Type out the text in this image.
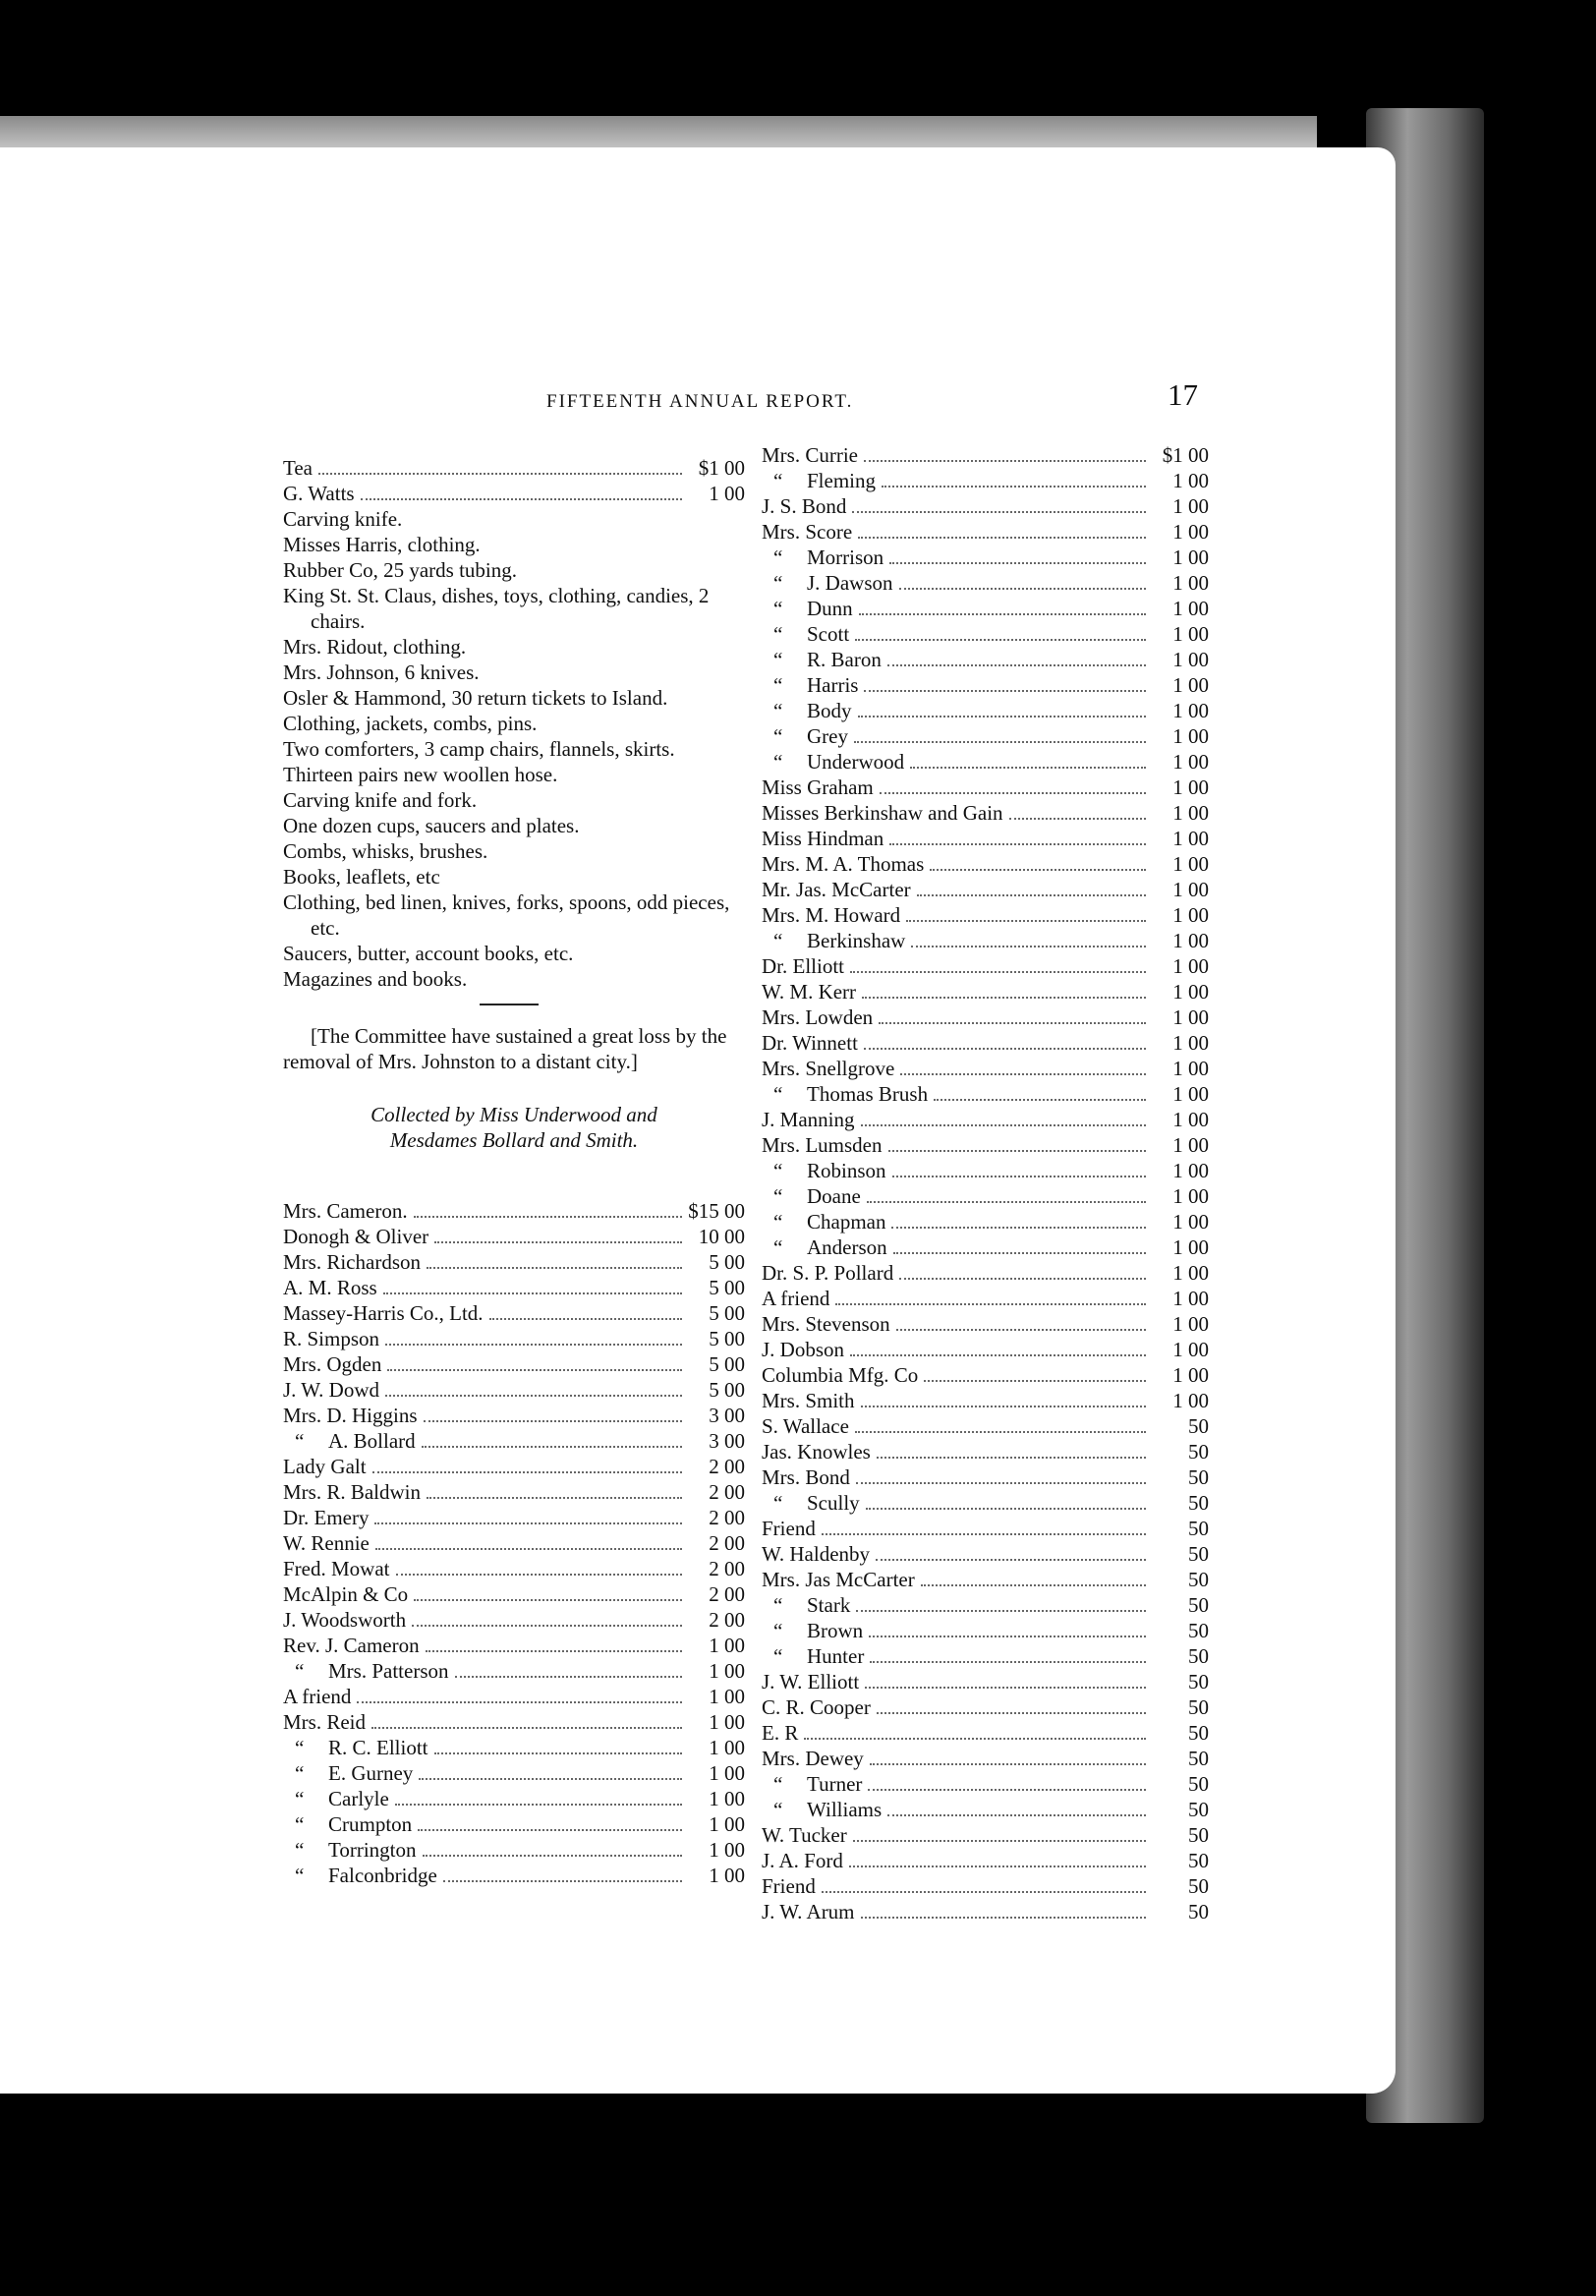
FIFTEENTH ANNUAL REPORT.	17
Tea	$1 00
G. Watts	1 00
Carving knife.
Misses Harris, clothing.
Rubber Co, 25 yards tubing.
King St. St. Claus, dishes, toys, clothing, candies, 2 chairs.
Mrs. Ridout, clothing.
Mrs. Johnson, 6 knives.
Osler & Hammond, 30 return tickets to Island.
Clothing, jackets, combs, pins.
Two comforters, 3 camp chairs, flannels, skirts.
Thirteen pairs new woollen hose.
Carving knife and fork.
One dozen cups, saucers and plates.
Combs, whisks, brushes.
Books, leaflets, etc
Clothing, bed linen, knives, forks, spoons, odd pieces, etc.
Saucers, butter, account books, etc.
Magazines and books.
[The Committee have sustained a great loss by the removal of Mrs. Johnston to a distant city.]
Collected by Miss Underwood and
Mesdames Bollard and Smith.
Mrs. Cameron.	$15 00
Donogh & Oliver	10 00
Mrs. Richardson	5 00
A. M. Ross	5 00
Massey-Harris Co., Ltd.	5 00
R. Simpson	5 00
Mrs. Ogden	5 00
J. W. Dowd	5 00
Mrs. D. Higgins	3 00
“ A. Bollard	3 00
Lady Galt	2 00
Mrs. R. Baldwin	2 00
Dr. Emery	2 00
W. Rennie	2 00
Fred. Mowat	2 00
McAlpin & Co	2 00
J. Woodsworth	2 00
Rev. J. Cameron	1 00
“ Mrs. Patterson	1 00
A friend	1 00
Mrs. Reid	1 00
“ R. C. Elliott	1 00
“ E. Gurney	1 00
“ Carlyle	1 00
“ Crumpton	1 00
“ Torrington	1 00
“ Falconbridge	1 00
Mrs. Currie	$1 00
“ Fleming	1 00
J. S. Bond	1 00
Mrs. Score	1 00
“ Morrison	1 00
“ J. Dawson	1 00
“ Dunn	1 00
“ Scott	1 00
“ R. Baron	1 00
“ Harris	1 00
“ Body	1 00
“ Grey	1 00
“ Underwood	1 00
Miss Graham	1 00
Misses Berkinshaw and Gain	1 00
Miss Hindman	1 00
Mrs. M. A. Thomas	1 00
Mr. Jas. McCarter	1 00
Mrs. M. Howard	1 00
“ Berkinshaw	1 00
Dr. Elliott	1 00
W. M. Kerr	1 00
Mrs. Lowden	1 00
Dr. Winnett	1 00
Mrs. Snellgrove	1 00
“ Thomas Brush	1 00
J. Manning	1 00
Mrs. Lumsden	1 00
“ Robinson	1 00
“ Doane	1 00
“ Chapman	1 00
“ Anderson	1 00
Dr. S. P. Pollard	1 00
A friend	1 00
Mrs. Stevenson	1 00
J. Dobson	1 00
Columbia Mfg. Co	1 00
Mrs. Smith	1 00
S. Wallace	50
Jas. Knowles	50
Mrs. Bond	50
“ Scully	50
Friend	50
W. Haldenby	50
Mrs. Jas McCarter	50
“ Stark	50
“ Brown	50
“ Hunter	50
J. W. Elliott	50
C. R. Cooper	50
E. R	50
Mrs. Dewey	50
“ Turner	50
“ Williams	50
W. Tucker	50
J. A. Ford	50
Friend	50
J. W. Arum	50
